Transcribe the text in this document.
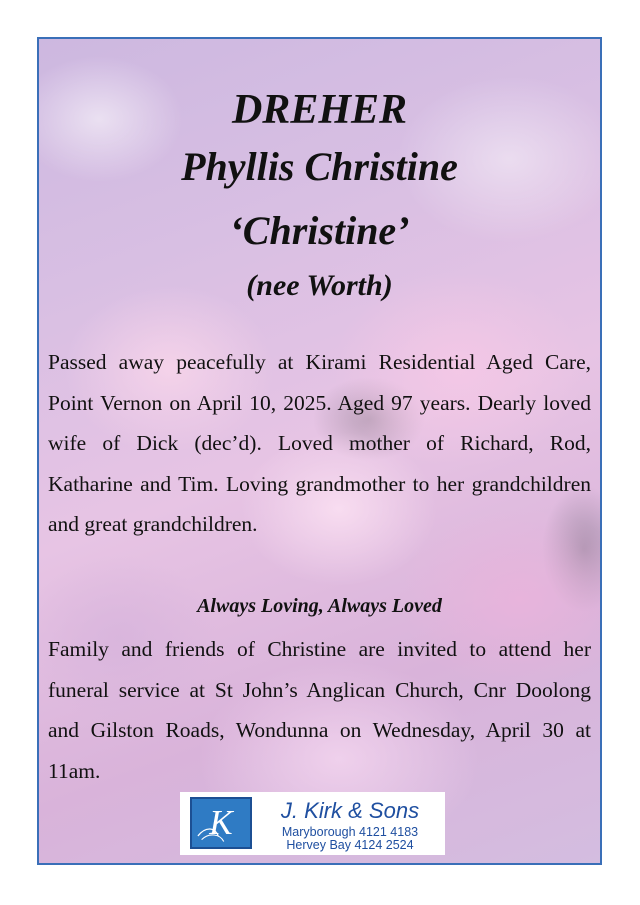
DREHER

Phyllis Christine

‘Christine’

(nee Worth)

Passed away peacefully at Kirami Residential Aged Care, Point Vernon on April 10, 2025. Aged 97 years. Dearly loved wife of Dick (dec’d). Loved mother of Richard, Rod, Katharine and Tim. Loving grandmother to her grandchildren and great grandchildren.

Always Loving, Always Loved

Family and friends of Christine are invited to attend her funeral service at St John’s Anglican Church, Cnr Doolong and Gilston Roads, Wondunna on Wednesday, April 30 at 11am.

K	J. Kirk & Sons
Maryborough 4121 4183
Hervey Bay 4124 2524
